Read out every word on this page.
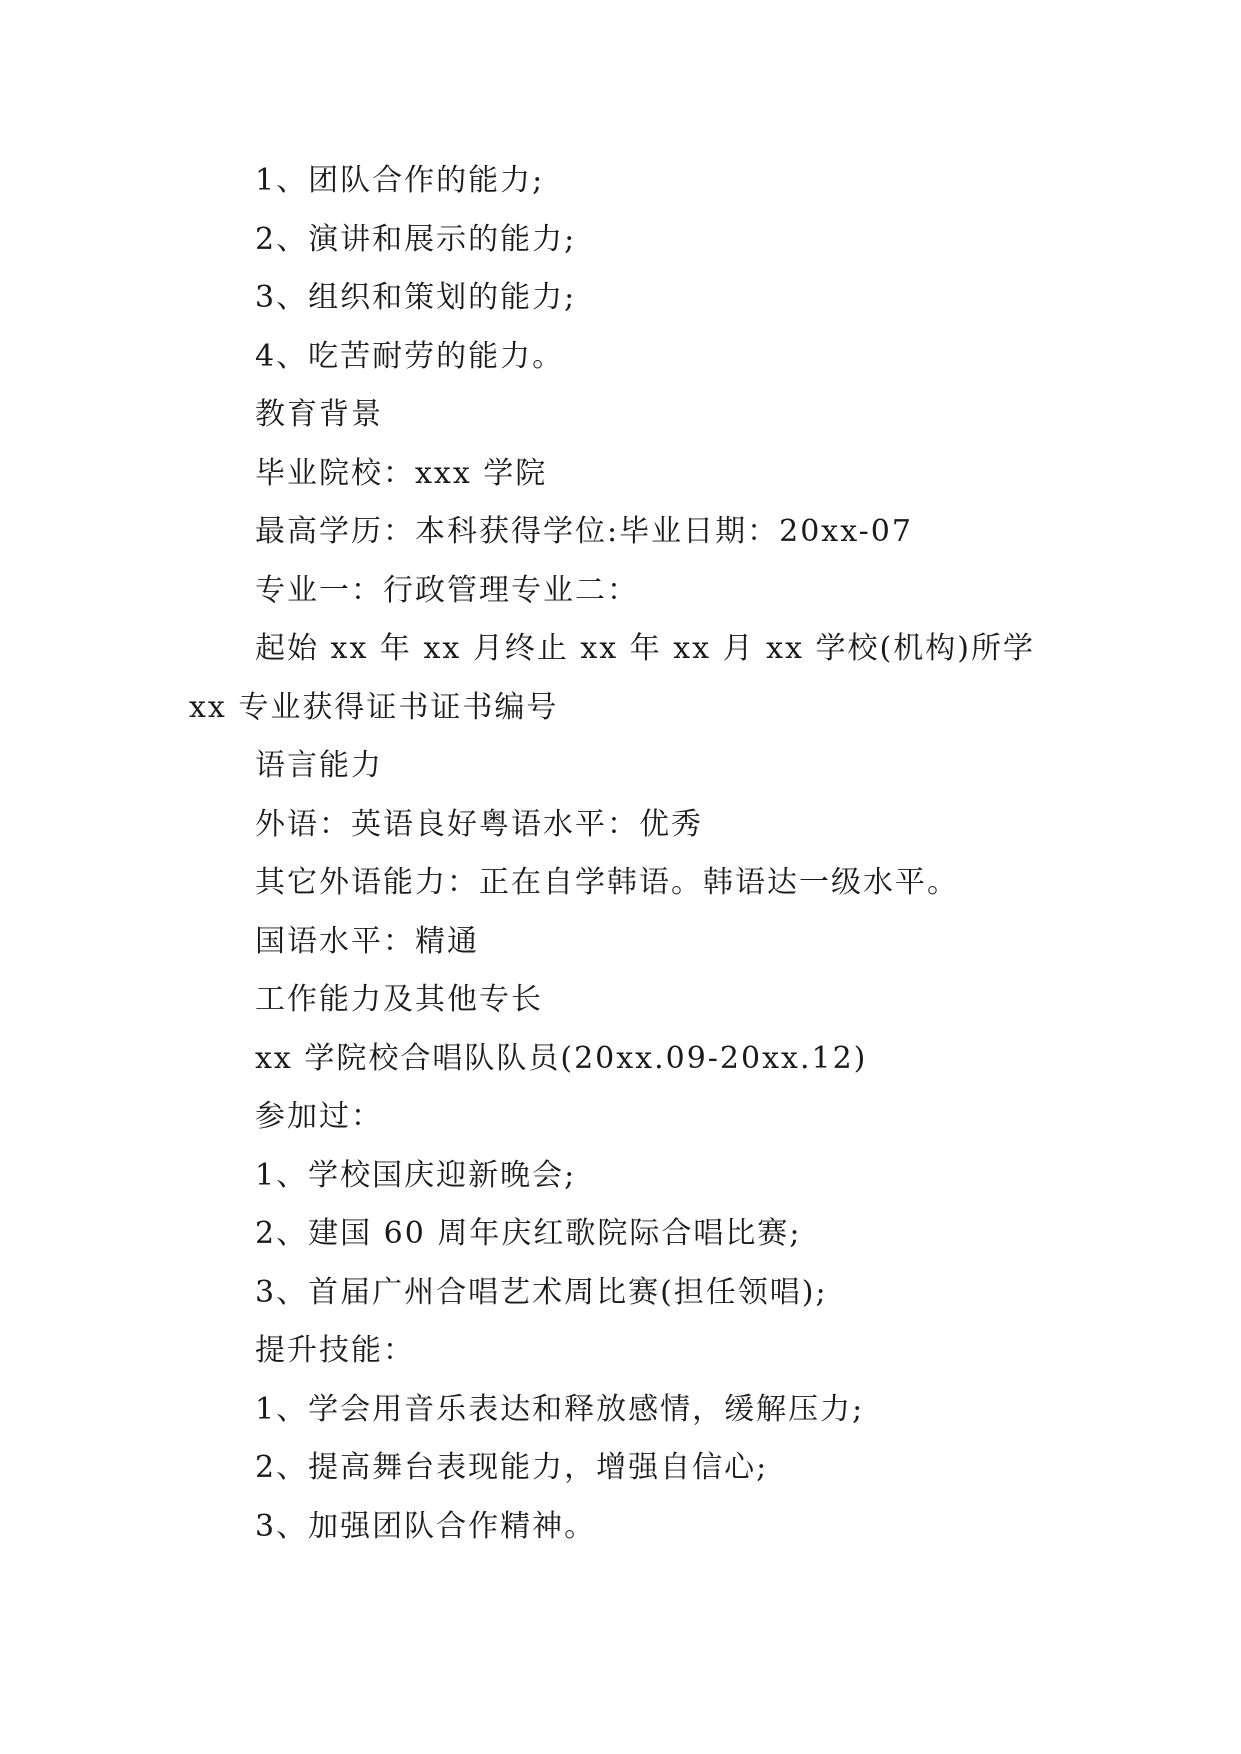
1、团队合作的能力;
2、演讲和展示的能力;
3、组织和策划的能力;
4、吃苦耐劳的能力。
教育背景
毕业院校：xxx 学院
最高学历：本科获得学位:毕业日期：20xx-07
专业一：行政管理专业二：
起始 xx 年 xx 月终止 xx 年 xx 月 xx 学校(机构)所学 xx 专业获得证书证书编号
语言能力
外语：英语良好粤语水平：优秀
其它外语能力：正在自学韩语。韩语达一级水平。
国语水平：精通
工作能力及其他专长
xx 学院校合唱队队员(20xx.09-20xx.12)
参加过：
1、学校国庆迎新晚会;
2、建国 60 周年庆红歌院际合唱比赛;
3、首届广州合唱艺术周比赛(担任领唱);
提升技能：
1、学会用音乐表达和释放感情，缓解压力;
2、提高舞台表现能力，增强自信心;
3、加强团队合作精神。
